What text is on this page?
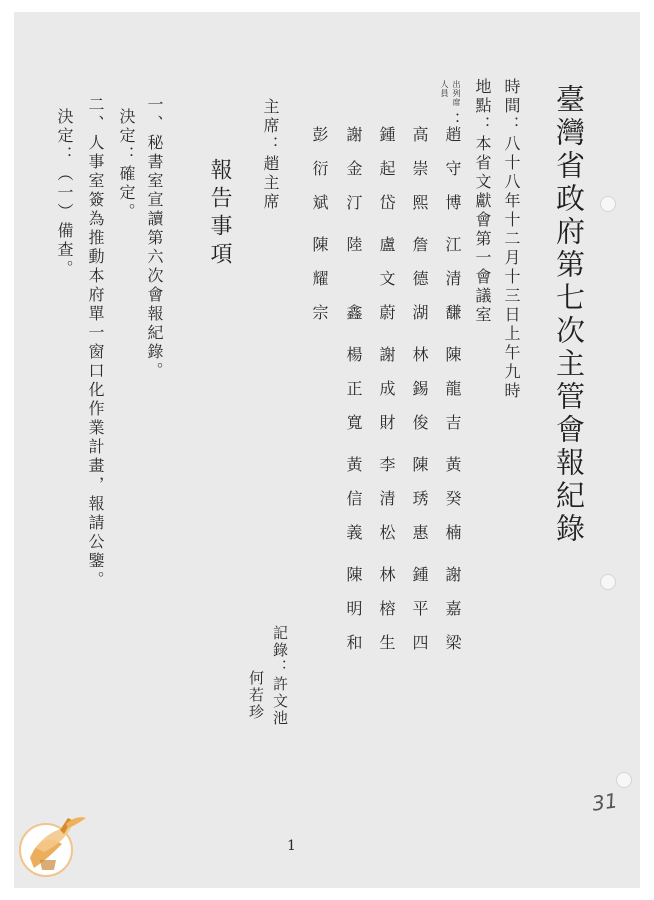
臺灣省政府第七次主管會報紀錄
時間：八十八年十二月十三日上午九時
地點：本省文獻會第一會議室
出列席
人員
：
趙守博
江清馦
陳龍吉
黃癸楠
謝嘉梁
高崇熙
詹德湖
林錫俊
陳琇惠
鍾平四
鍾起岱
盧文蔚
謝成財
李清松
林榕生
謝金汀
陸鑫
楊正寬
黃信義
陳明和
彭衍斌
陳耀宗
主席：趙主席
記錄：許文池
何若珍
報告事項
一、秘書室宣讀第六次會報紀錄。
決定：確定。
二、人事室簽為推動本府單一窗口化作業計畫，報請公鑒。
決定：（一）備查。
1
31
